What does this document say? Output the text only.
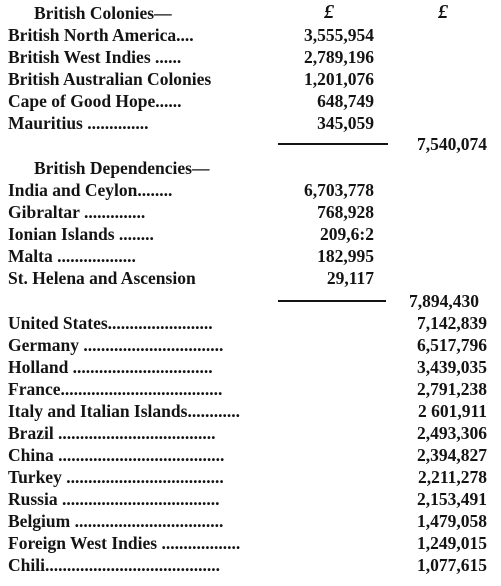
British Colonies—	£	£
British North America....	3,555,954
British West Indies ......	2,789,196
British Australian Colonies	1,201,076
Cape of Good Hope......	648,749
Mauritius ..............	345,059
7,540,074
British Dependencies—
India and Ceylon........	6,703,778
Gibraltar ..............	768,928
Ionian Islands ........	209,6:2
Malta ..................	182,995
St. Helena and Ascension	29,117
7,894,430
United States........................	7,142,839
Germany ................................	6,517,796
Holland ................................	3,439,035
France.....................................	2,791,238
Italy and Italian Islands............	2 601,911
Brazil ....................................	2,493,306
China ......................................	2,394,827
Turkey ....................................	2,211,278
Russia ....................................	2,153,491
Belgium ..................................	1,479,058
Foreign West Indies ..................	1,249,015
Chili........................................	1,077,615
